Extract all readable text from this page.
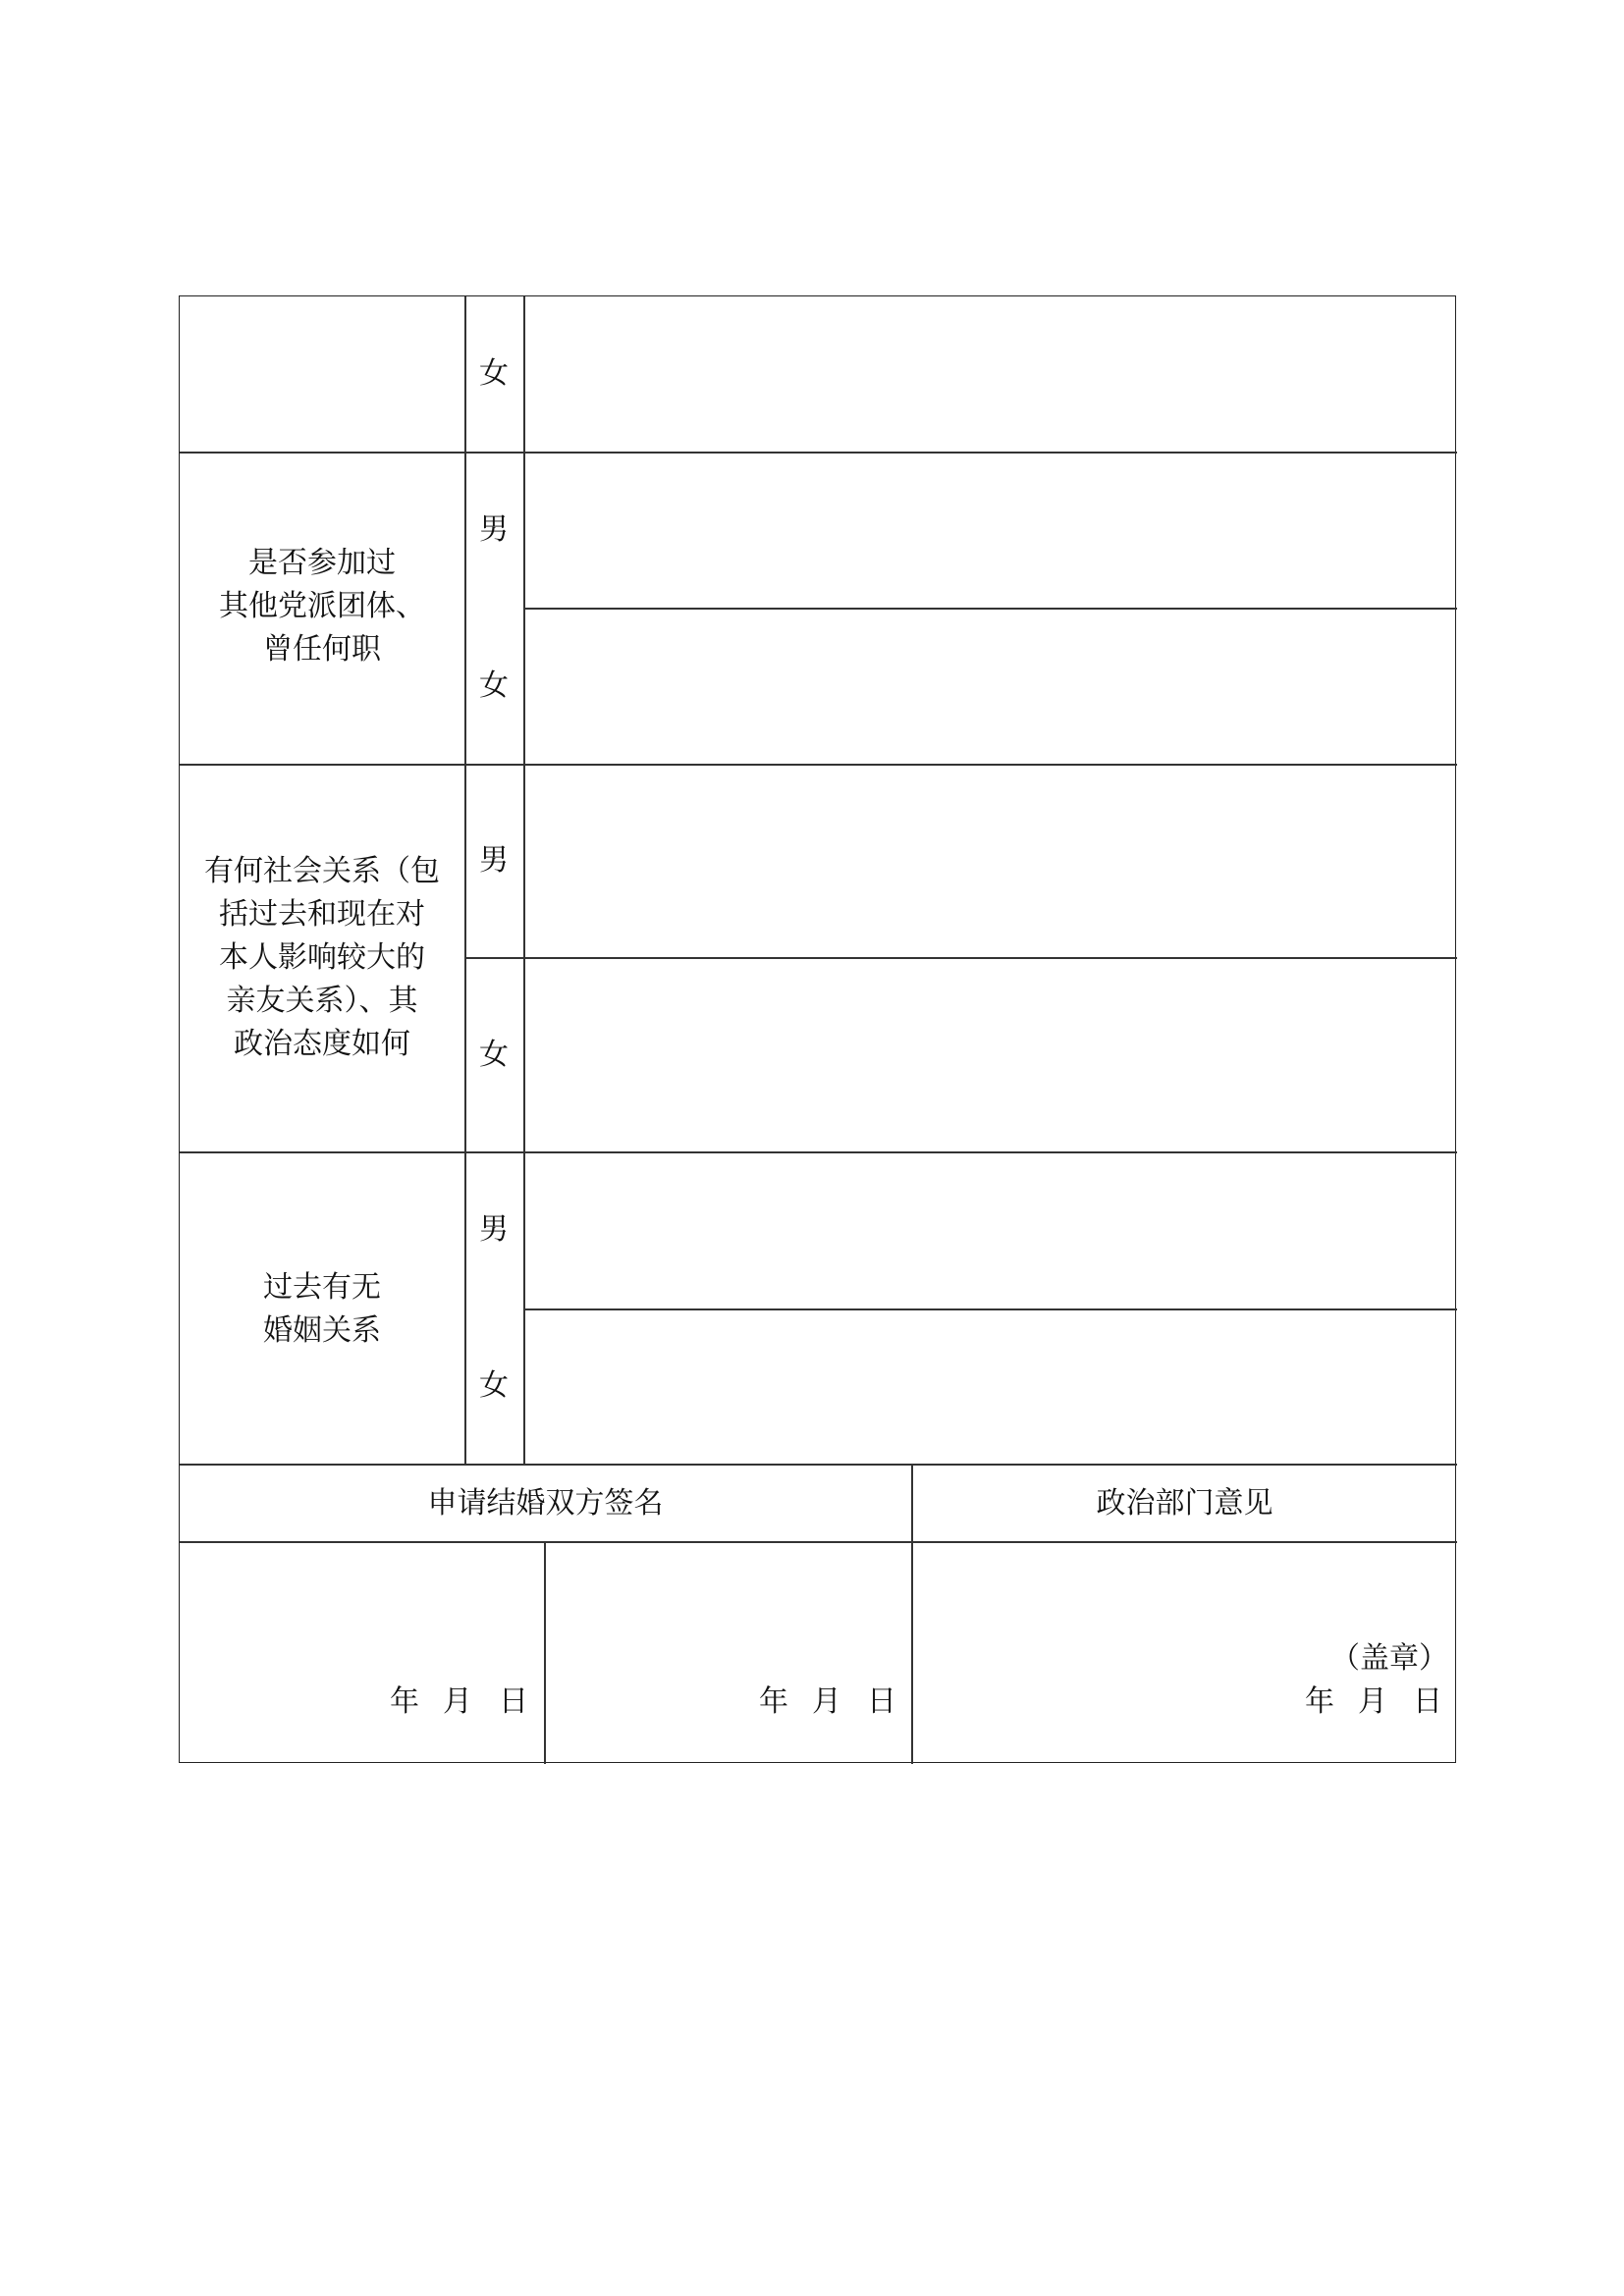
女
是否参加过
其他党派团体、
曾任何职
男
女
有何社会关系（包
括过去和现在对
本人影响较大的
亲友关系）、其
政治态度如何
男
女
过去有无
婚姻关系
男
女
申请结婚双方签名	政治部门意见
年 月 日	年 月 日
（盖章）
年 月 日
